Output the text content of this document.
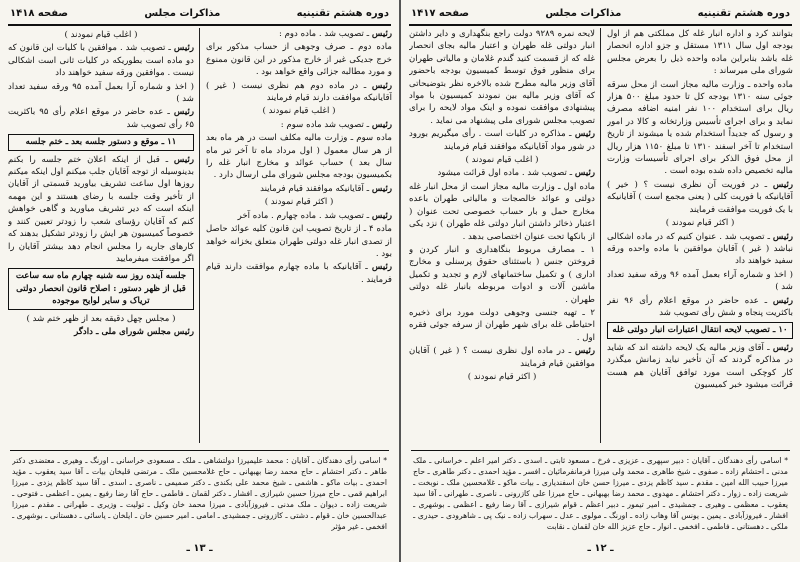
دوره هشتم تقنینیه
مذاکرات مجلس
صفحه ۱۴۱۸
رئیس ـ تصویب شد . ماده دوم :
ماده دوم ـ صرف وجوهی از حساب مذکور برای خرج جدیکی غیر از خارج مذکور در این قانون ممنوع و مورد مطالبه جزائی واقع خواهد بود .
رئیس ـ در ماده دوم هم نظری نیست ( غیر ) آقایانیکه موافقت دارند قیام فرمایند
( اغلب قیام نمودند )
رئیس ـ تصویب شد ماده سوم :
ماده سوم ـ وزارت مالیه مکلف است در هر ماه بعد از هر سال معمول ( اول مرداد ماه تا آخر تیر ماه سال بعد ) حساب عوائد و مخارج انبار غله را بکمیسیون بودجه مجلس شورای ملی ارسال دارد .
رئیس ـ آقایانیکه موافقند قیام فرمایند
( اکثر قیام نمودند )
رئیس ـ تصویب شد . ماده چهارم . ماده آخر
ماده ۴ ـ از تاریخ تصویب این قانون کلیه عوائد حاصل از تصدی انبار غله دولتی طهران متعلق بخزانه خواهد بود .
رئیس ـ آقایانیکه با ماده چهارم موافقت دارند قیام فرمایند .
( اغلب قیام نمودند )
رئیس ـ تصویب شد . موافقین با کلیات این قانون که دو ماده است بطوریکه در کلیات ثانی است اشکالی نیست . موافقین ورقه سفید خواهند داد
( اخذ و شماره آرا بعمل آمده ۹۵ ورقه سفید تعداد شد )
رئیس ـ عده حاضر در موقع اعلام رأی ۹۵ باکثریت ۶۵ رأی تصویب شد
۱۱ ـ موقع و دستور جلسه بعد ـ ختم جلسه
رئیس ـ قبل از اینکه اعلان ختم جلسه را بکنم بدینوسیله از توجه آقایان جلب میکنم اول اینکه میکنم روزها اول ساعت تشریف بیاورید قسمتی از آقایان از تأخیر وقت جلسه با رضای هستند و این مهمه اینکه است که دیر تشریف میاورید و گاهی خواهش کنم که آقایان رؤسای شعب را زودتر تعیین کنند و خصوصاً کمیسیون هر ایش را زودتر تشکیل بدهند که کارهای جاریه را مجلس انجام دهد بیشتر آقایان را اگر موافقت میفرمایید
جلسه آینده روز سه شنبه چهارم ماه سه ساعت قبل از ظهر دستور : اصلاح قانون انحصار دولتی تریاک و سایر لوایح موجوده
( مجلس چهل دقیقه بعد از ظهر ختم شد )
رئیس مجلس شورای ملی ـ دادگر
* اسامی رأی دهندگان ـ آقایان : محمد علیمیرزا دولتشاهی ـ ملک ـ مسعودی خراسانی ـ اورنگ ـ وهیری ـ معتضدی دکتر طاهر ـ دکتر احتشام ـ حاج محمد رضا بهبهانی ـ حاج غلامحسین ملک ـ مرتضی قلیخان بیات ـ آقا سید یعقوب ـ مؤید احمدی ـ بیات ماکو ـ هاشمی ـ شیخ محمد علی بکندی ـ دکتر صمیمی ـ ناصری ـ اسدی ـ آقا سید کاظم یزدی ـ میرزا ابراهیم قمی ـ حاج میرزا حسین شیرازی ـ افشار ـ دکتر لقمان ـ فاطمی ـ حاج آقا رضا رفیع ـ یمین ـ اعظمی ـ فتوحی ـ شریعت زاده ـ دیوان ـ ملک مدنی ـ فیروزآبادی ـ میرزا محمد خان وکیل ـ تولیت ـ وزیری ـ طهرانی ـ مقدم ـ میرزا عبدالحسین خان ـ قوام ـ دشتی ـ کازرونی ـ جمشیدی ـ امامی ـ امیر حسین خان ـ ایلخان ـ یاسائی ـ دهستانی ـ بوشهری ـ افخمی ـ غیر مؤثر
ـ ۱۳ ـ
دوره هشتم تقنینیه
مذاکرات مجلس
صفحه ۱۴۱۷
بتوانند کرد و اداره انبار غله کل مملکتی هم از اول بودجه اول سال ۱۳۱۱ مستقل و جزو اداره انحصار غله باشد بنابراین ماده واحده ذیل را بعرض مجلس شورای ملی میرساند :
ماده واحده ـ وزارت مالیه مجاز است از محل سرقه جوئی سنه ۱۳۱۰ بودجه کل تا حدود مبلغ ۵۰۰ هزار ریال برای استخدام ۱۰۰ نفر امنیه اضافه مصرف نماید و برای اجرای تأسیس وزارتخانه و کالا در امور و رسول که جدیداً استخدام شده یا میشوند از تاریخ استخدام تا آخر اسفند ۱۳۱۰ تا مبلغ ۱۱۵۰ هزار ریال از محل فوق الذکر برای اجرای تأسیسات وزارت مالیه تخصیص داده شده بوده است .
رئیس ـ در فوریت آن نظری نیست ؟ ( خیر ) آقایانیکه با فوریت کلی ( یعنی مجمع است ) آقایانیکه با یک فوریت موافقت فرمایند
( اکثر قیام نمودند )
رئیس ـ تصویب شد . عنوان کنیم که در ماده اشکالی نباشد ( غیر ) آقایان موافقین با ماده واحده ورقه سفید خواهند داد
( اخذ و شماره آراء بعمل آمده ۹۶ ورقه سفید تعداد شد )
رئیس ـ عده حاضر در موقع اعلام رأی ۹۶ نفر باکثریت پنجاه و شش رأی تصویب شد
۱۰ ـ تصویب لایحه انتقال اعتبارات انبار دولتی غله
رئیس ـ آقای وزیر مالیه یک لایحه داشته اند که شاید در مذاکره گردند که آن تأخیر نیاید زمانش میگذرد کار کوچکی است مورد توافق آقایان هم هست قرائت میشود خبر کمیسیون
لایحه نمره ۹۲۸۹ دولت راجع بنگهداری و دایر داشتن انبار دولتی غله طهران و اعتبار مالیه بجای انحصار غله که از قسمت کنید گندم غلامان و مالیاتی طهران برای منظور فوق توسط کمیسیون بودجه باحضور آقای وزیر مالیه مطرح شده بالاخره نظر بتوضیحاتی که آقای وزیر مالیه بین نمودند کمیسیون با مواد پیشنهادی موافقت نموده و اینک مواد لایحه را برای تصویب مجلس شورای ملی پیشنهاد می نماید .
رئیس ـ مذاکره در کلیات است . رأی میگیریم بورود در شور مواد آقایانیکه موافقند قیام فرمایند
( اغلب قیام نمودند )
رئیس ـ تصویب شد . ماده اول قرائت میشود
ماده اول ـ وزارت مالیه مجاز است از محل انبار غله دولتی و عوائد خالصجات و مالیاتی طهران باعده مخارج حمل و بار حساب خصوصی تحت عنوان ( اعتبار ذخائر داشتن انبار دولتی غله طهران ) نزد یکی از بانکها تحت عنوان اختصاصی بدهد .
۱ ـ مصارف مربوط بنگاهداری و انبار کردن و فروختن جنس ( باستثنای حقوق پرسنلی و مخارج اداری ) و تکمیل ساختمانهای لازم و تجدید و تکمیل ماشین آلات و ادوات مربوطه بانبار غله دولتی طهران .
۲ ـ تهیه جنسی وجوهی دولت مورد برای ذخیره احتیاطی غله برای شهر طهران از سرفه جوئی فقره اول .
رئیس ـ در ماده اول نظری نیست ؟ ( غیر ) آقایان موافقین قیام فرمایند
( اکثر قیام نمودند )
* اسامی رأی دهندگان ـ آقایان : دبیر سپهری ـ عزیزی ـ فرخ ـ مسعود ثابتی ـ اسدی ـ دکتر امیر اعلم ـ خراسانی ـ ملک مدنی ـ احتشام زاده ـ صفوی ـ شیخ طاهری ـ محمد ولی میرزا فرمانفرمائیان ـ افسر ـ مؤید احمدی ـ دکتر طاهری ـ حاج میرزا حبیب الله امین ـ مقدم ـ سید کاظم یزدی ـ میرزا حسن خان اسفندیاری ـ بیات ماکو ـ غلامحسین ملک ـ نوبخت ـ شریعت زاده ـ زوار ـ دکتر احتشام ـ مهدوی ـ محمد رضا بهبهانی ـ حاج میرزا علی کازرونی ـ ناصری ـ طهرانی ـ آقا سید یعقوب ـ معظمی ـ وهیری ـ جمشیدی ـ امیر تیمور ـ دبیر اعظم ـ قوام شیرازی ـ آقا رضا رفیع ـ اعظمی ـ بوشهری ـ افشار ـ فیروزآبادی ـ یمین ـ یونس آقا وهاب زاده ـ اورنگ ـ مولوی ـ عدل ـ سهراب زاده ـ نیک پی ـ شاهرودی ـ حیدری ـ ملکی ـ دهستانی ـ فاطمی ـ افخمی ـ انوار ـ حاج عزیز الله خان لقمان ـ نقابت
ـ ۱۲ ـ
